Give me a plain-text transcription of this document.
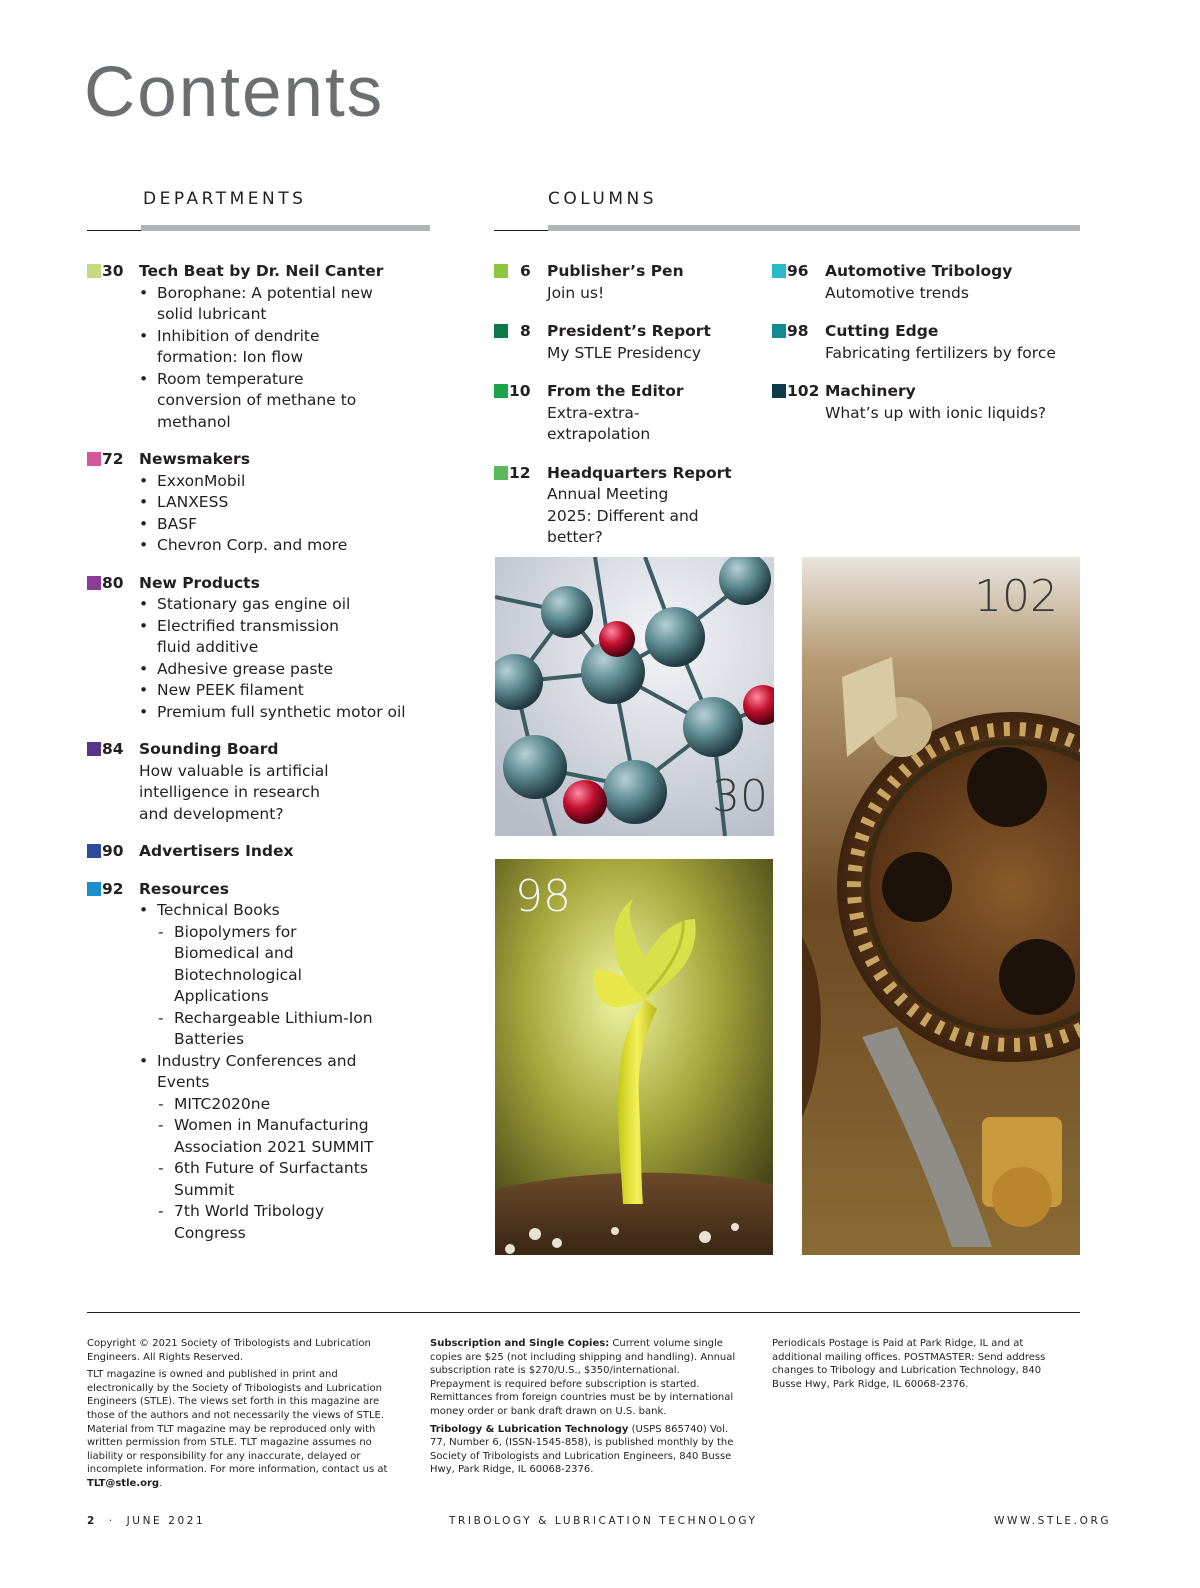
Contents
DEPARTMENTS	COLUMNS
30 Tech Beat by Dr. Neil Canter
• Borophane: A potential new solid lubricant
• Inhibition of dendrite formation: Ion flow
• Room temperature conversion of methane to methanol
72 Newsmakers
• ExxonMobil
• LANXESS
• BASF
• Chevron Corp. and more
80 New Products
• Stationary gas engine oil
• Electrified transmission fluid additive
• Adhesive grease paste
• New PEEK filament
• Premium full synthetic motor oil
84 Sounding Board
How valuable is artificial intelligence in research and development?
90 Advertisers Index
92 Resources
• Technical Books
- Biopolymers for Biomedical and Biotechnological Applications
- Rechargeable Lithium-Ion Batteries
• Industry Conferences and Events
- MITC2020ne
- Women in Manufacturing Association 2021 SUMMIT
- 6th Future of Surfactants Summit
- 7th World Tribology Congress
6 Publisher’s Pen
Join us!
8 President’s Report
My STLE Presidency
10 From the Editor
Extra-extra-extrapolation
12 Headquarters Report
Annual Meeting 2025: Different and better?
96 Automotive Tribology
Automotive trends
98 Cutting Edge
Fabricating fertilizers by force
102 Machinery
What’s up with ionic liquids?
30
98
102

Copyright © 2021 Society of Tribologists and Lubrication Engineers. All Rights Reserved.

TLT magazine is owned and published in print and electronically by the Society of Tribologists and Lubrication Engineers (STLE). The views set forth in this magazine are those of the authors and not necessarily the views of STLE. Material from TLT magazine may be reproduced only with written permission from STLE. TLT magazine assumes no liability or responsibility for any inaccurate, delayed or incomplete information. For more information, contact us at TLT@stle.org.

Subscription and Single Copies: Current volume single copies are $25 (not including shipping and handling). Annual subscription rate is $270/U.S., $350/international. Prepayment is required before subscription is started. Remittances from foreign countries must be by international money order or bank draft drawn on U.S. bank.

Tribology & Lubrication Technology (USPS 865740) Vol. 77, Number 6, (ISSN-1545-858), is published monthly by the Society of Tribologists and Lubrication Engineers, 840 Busse Hwy, Park Ridge, IL 60068-2376.

Periodicals Postage is Paid at Park Ridge, IL and at additional mailing offices. POSTMASTER: Send address changes to Tribology and Lubrication Technology, 840 Busse Hwy, Park Ridge, IL 60068-2376.

2  ·  JUNE 2021	TRIBOLOGY & LUBRICATION TECHNOLOGY	WWW.STLE.ORG
